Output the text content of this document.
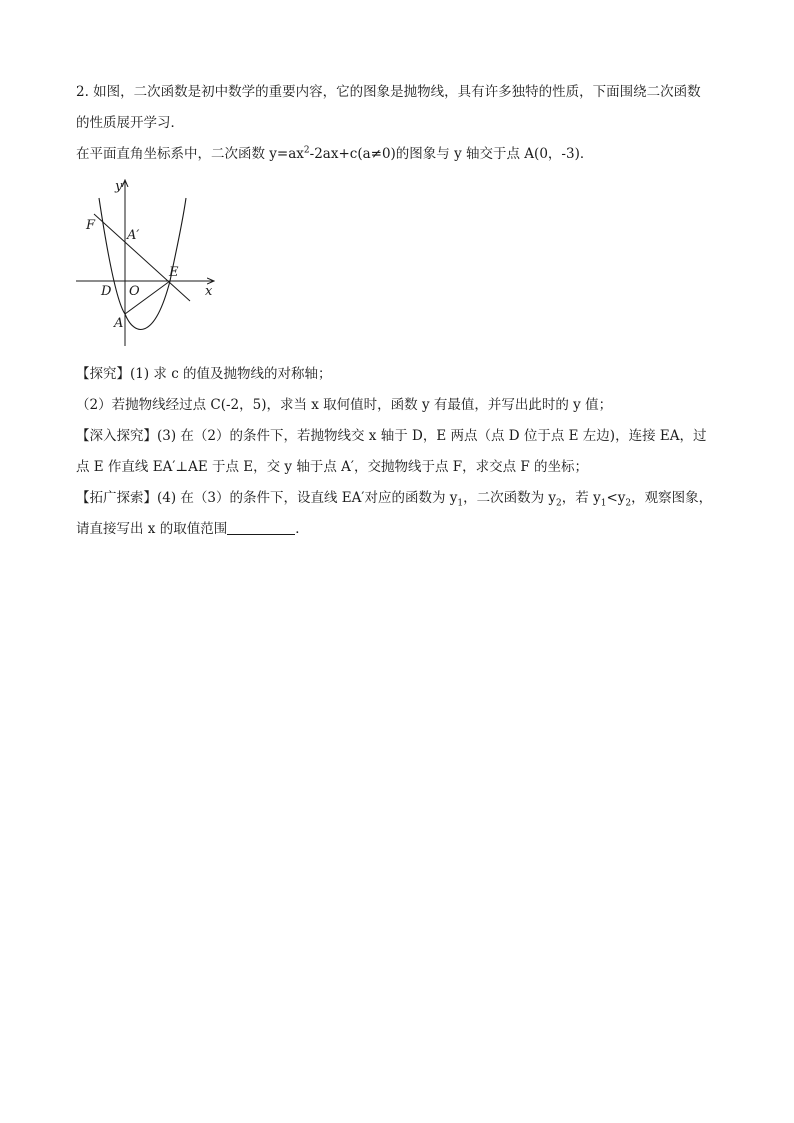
2. 如图，二次函数是初中数学的重要内容，它的图象是抛物线，具有许多独特的性质，下面围绕二次函数
的性质展开学习．
在平面直角坐标系中，二次函数 $y=ax^2-2ax+c(a\ne 0)$的图象与 y 轴交于点 A(0，-3)．
y
x
F
A′
E
D O
A
【探究】(1) 求 c 的值及抛物线的对称轴；
（2）若抛物线经过点 C(-2，5)，求当 x 取何值时，函数 y 有最值，并写出此时的 y 值；
【深入探究】(3) 在（2）的条件下，若抛物线交 x 轴于 D，E 两点（点 D 位于点 E 左边)，连接 EA，过
点 E 作直线 EA′⊥AE 于点 E，交 y 轴于点 A′，交抛物线于点 F，求交点 F 的坐标；
【拓广探索】(4) 在（3）的条件下，设直线 EA′对应的函数为 $y_1$，二次函数为 $y_2$，若 $y_1<y_2$，观察图象，
请直接写出 x 的取值范围	．
